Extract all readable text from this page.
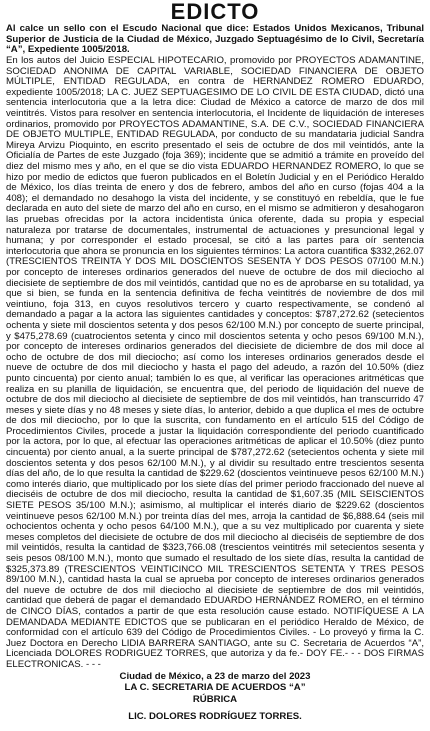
EDICTO

Al calce un sello con el Escudo Nacional que dice: Estados Unidos Mexicanos, Tribunal Superior de Justicia de la Ciudad de México, Juzgado Septuagésimo de lo Civil, Secretaría “A”, Expediente 1005/2018.

En los autos del Juicio ESPECIAL HIPOTECARIO, promovido por PROYECTOS ADAMANTINE, SOCIEDAD ANONIMA DE CAPITAL VARIABLE, SOCIEDAD FINANCIERA DE OBJETO MÚLTIPLE, ENTIDAD REGULADA, en contra de HERNANDEZ ROMERO EDUARDO, expediente 1005/2018; LA C. JUEZ SEPTUAGESIMO DE LO CIVIL DE ESTA CIUDAD, dictó una sentencia interlocutoria que a la letra dice: Ciudad de México a catorce de marzo de dos mil veintitrés. Vistos para resolver en sentencia interlocutoria, el Incidente de liquidación de intereses ordinarios, promovido por PROYECTOS ADAMANTINE, S.A. DE C.V., SOCIEDAD FINANCIERA DE OBJETO MULTIPLE, ENTIDAD REGULADA, por conducto de su mandataria judicial Sandra Mireya Arvizu Pioquinto, en escrito presentado el seis de octubre de dos mil veintidós, ante la Oficialía de Partes de este Juzgado (foja 369); incidente que se admitió a trámite en proveído del diez del mismo mes y año, en el que se dio vista EDUARDO HERNANDEZ ROMERO, lo que se hizo por medio de edictos que fueron publicados en el Boletín Judicial y en el Periódico Heraldo de México, los días treinta de enero y dos de febrero, ambos del año en curso (fojas 404 a la 408); el demandado no desahogo la vista del incidente, y se constituyó en rebeldía, que le fue declarada en auto del siete de marzo del año en curso, en el mismo se admitieron y desahogaron las pruebas ofrecidas por la actora incidentista única oferente, dada su propia y especial naturaleza por tratarse de documentales, instrumental de actuaciones y presuncional legal y humana; y por corresponder el estado procesal, se citó a las partes para oír sentencia interlocutoria que ahora se pronuncia en los siguientes términos: La actora cuantifica $332,262.07 (TRESCIENTOS TREINTA Y DOS MIL DOSCIENTOS SESENTA Y DOS PESOS 07/100 M.N.) por concepto de intereses ordinarios generados del nueve de octubre de dos mil dieciocho al diecisiete de septiembre de dos mil veintidós, cantidad que no es de aprobarse en su totalidad, ya que si bien, se funda en la sentencia definitiva de fecha veintitrés de noviembre de dos mil veintiuno, foja 313, en cuyos resolutivos tercero y cuarto respectivamente, se condenó al demandado a pagar a la actora las siguientes cantidades y conceptos: $787,272.62 (setecientos ochenta y siete mil doscientos setenta y dos pesos 62/100 M.N.) por concepto de suerte principal, y $475,278.69 (cuatrocientos setenta y cinco mil doscientos setenta y ocho pesos 69/100 M.N.), por concepto de intereses ordinarios generados del diecisiete de diciembre de dos mil doce al ocho de octubre de dos mil dieciocho; así como los intereses ordinarios generados desde el nueve de octubre de dos mil dieciocho y hasta el pago del adeudo, a razón del 10.50% (diez punto cincuenta) por ciento anual; también lo es que, al verificar las operaciones aritméticas que realiza en su planilla de liquidación, se encuentra que, del periodo de liquidación del nueve de octubre de dos mil dieciocho al diecisiete de septiembre de dos mil veintidós, han transcurrido 47 meses y siete días y no 48 meses y siete días, lo anterior, debido a que duplica el mes de octubre de dos mil dieciocho, por lo que la suscrita, con fundamento en el artículo 515 del Código de Procedimientos Civiles, procede a justar la liquidación correspondiente del periodo cuantificado por la actora, por lo que, al efectuar las operaciones aritméticas de aplicar el 10.50% (diez punto cincuenta) por ciento anual, a la suerte principal de $787,272.62 (setecientos ochenta y siete mil doscientos setenta y dos pesos 62/100 M.N.), y al dividir su resultado entre trescientos sesenta días del año, de lo que resulta la cantidad de $229.62 (doscientos veintinueve pesos 62/100 M.N.) como interés diario, que multiplicado por los siete días del primer periodo fraccionado del nueve al dieciséis de octubre de dos mil dieciocho, resulta la cantidad de $1,607.35 (MIL SEISCIENTOS SIETE PESOS 35/100 M.N.); asimismo, al multiplicar el interés diario de $229.62 (doscientos veintinueve pesos 62/100 M.N.) por treinta días del mes, arroja la cantidad de $6,888.64 (seis mil ochocientos ochenta y ocho pesos 64/100 M.N.), que a su vez multiplicado por cuarenta y siete meses completos del diecisiete de octubre de dos mil dieciocho al dieciséis de septiembre de dos mil veintidós, resulta la cantidad de $323,766.08 (trescientos veintitrés mil setecientos sesenta y seis pesos 08/100 M.N.), monto que sumado el resultado de los siete días, resulta la cantidad de $325,373.89 (TRESCIENTOS VEINTICINCO MIL TRESCIENTOS SETENTA Y TRES PESOS 89/100 M.N.), cantidad hasta la cual se aprueba por concepto de intereses ordinarios generados del nueve de octubre de dos mil dieciocho al diecisiete de septiembre de dos mil veintidós, cantidad que deberá de pagar el demandado EDUARDO HERNÁNDEZ ROMERO, en el término de CINCO DÍAS, contados a partir de que esta resolución cause estado. NOTIFÍQUESE A LA DEMANDADA MEDIANTE EDICTOS que se publicaran en el periódico Heraldo de México, de conformidad con el artículo 639 del Código de Procedimientos Civiles. - Lo proveyó y firma la C. Juez Doctora en Derecho LIDIA BARRERA SANTIAGO, ante su C. Secretaria de Acuerdos “A”, Licenciada DOLORES RODRIGUEZ TORRES, que autoriza y da fe.- DOY FE.- - - DOS FIRMAS ELECTRONICAS. - - -

Ciudad de México, a 23 de marzo del 2023

LA C. SECRETARIA DE ACUERDOS “A”

RÚBRICA

LIC. DOLORES RODRÍGUEZ TORRES.
